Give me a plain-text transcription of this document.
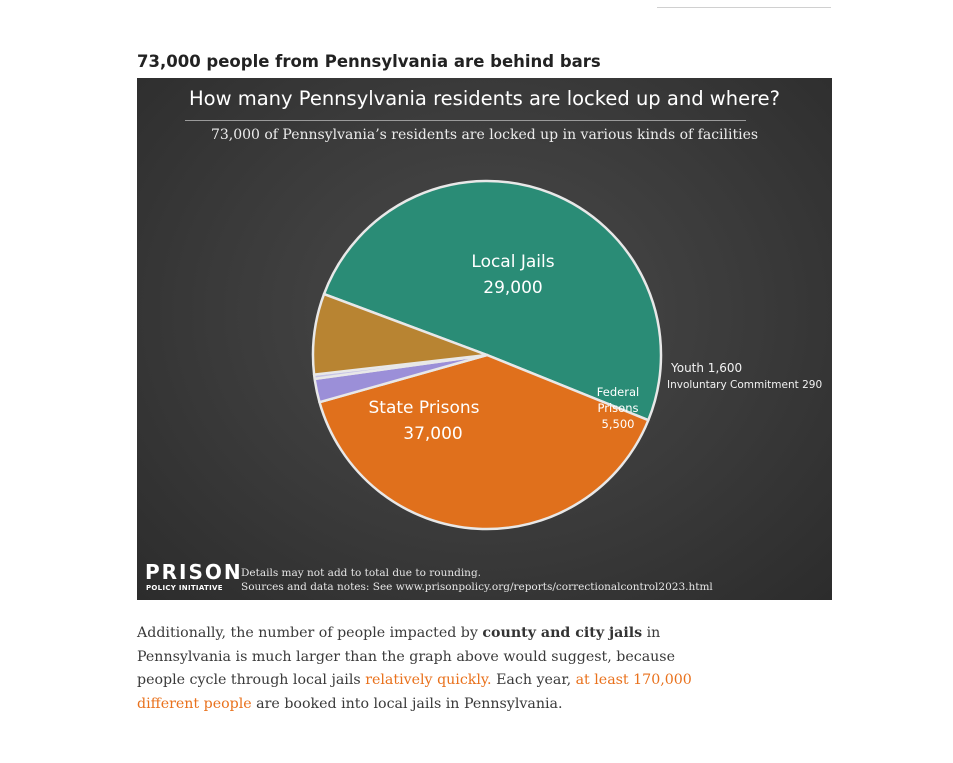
73,000 people from Pennsylvania are behind bars
How many Pennsylvania residents are locked up and where?
73,000 of Pennsylvania’s residents are locked up in various kinds of facilities
State Prisons
37,000
Local Jails
29,000
Federal
Prisons
5,500
Youth 1,600
Involuntary Commitment 290
PRISON
POLICY INITIATIVE
Details may not add to total due to rounding.
Sources and data notes: See www.prisonpolicy.org/reports/correctionalcontrol2023.html

Additionally, the number of people impacted by county and city jails in Pennsylvania is much larger than the graph above would suggest, because people cycle through local jails relatively quickly. Each year, at least 170,000 different people are booked into local jails in Pennsylvania.
